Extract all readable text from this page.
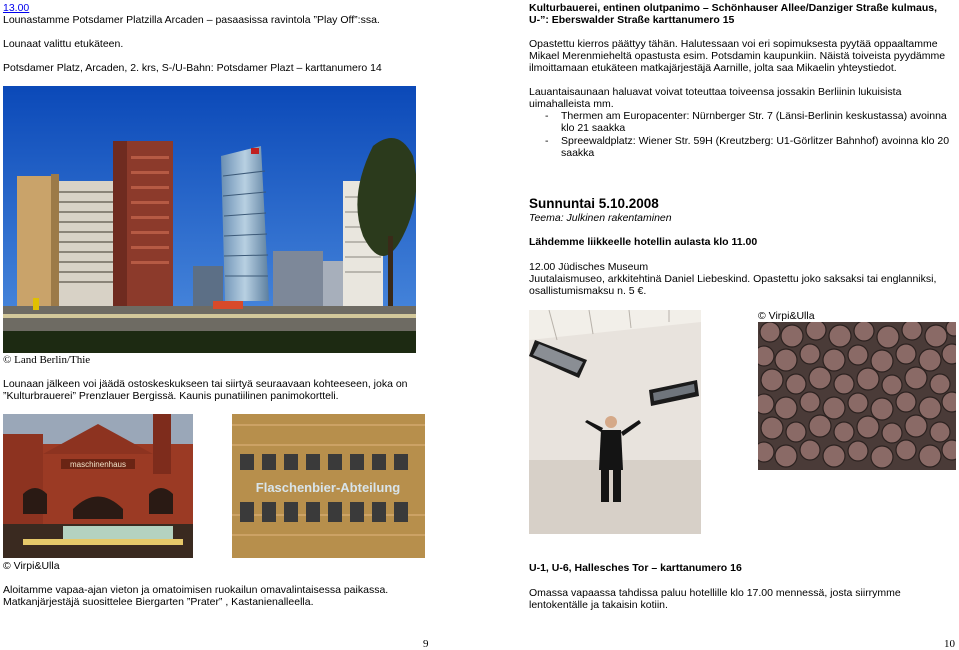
13.00
Lounastamme Potsdamer Platzilla Arcaden – pasaasissa ravintola ”Play Off”:ssa.
Lounaat valittu etukäteen.
Potsdamer Platz, Arcaden, 2. krs, S-/U-Bahn: Potsdamer Plazt – karttanumero 14
© Land Berlin/Thie
Lounaan jälkeen voi jäädä ostoskeskukseen tai siirtyä seuraavaan kohteeseen, joka on
”Kulturbrauerei” Prenzlauer Bergissä. Kaunis punatiilinen panimokortteli.
maschinenhaus
Flaschenbier-Abteilung
© Virpi&Ulla
Aloitamme vapaa-ajan vieton ja omatoimisen ruokailun omavalintaisessa paikassa.
Matkanjärjestäjä suosittelee Biergarten ”Prater” , Kastanienalleella.
9
Kulturbauerei, entinen olutpanimo – Schönhauser Allee/Danziger Straße kulmaus,
U-”: Eberswalder Straße karttanumero 15
Opastettu kierros päättyy tähän. Halutessaan voi eri sopimuksesta pyytää oppaaltamme
Mikael Merenmieheltä opastusta esim. Potsdamin kaupunkiin. Näistä toiveista pyydämme
ilmoittamaan etukäteen matkajärjestäjä Aarnille, jolta saa Mikaelin yhteystiedot.
Lauantaisaunaan haluavat voivat toteuttaa toiveensa jossakin Berliinin lukuisista
uimahalleista mm.
- Thermen am Europacenter: Nürnberger Str. 7 (Länsi-Berlinin keskustassa) avoinna
klo 21 saakka
- Spreewaldplatz: Wiener Str. 59H (Kreutzberg: U1-Görlitzer Bahnhof) avoinna klo 20
saakka
Sunnuntai 5.10.2008
Teema: Julkinen rakentaminen
Lähdemme liikkeelle hotellin aulasta klo 11.00
12.00 Jüdisches Museum
Juutalaismuseo, arkkitehtinä Daniel Liebeskind. Opastettu joko saksaksi tai englanniksi,
osallistumismaksu n. 5 €.
© Virpi&Ulla
U-1, U-6, Hallesches Tor – karttanumero 16
Omassa vapaassa tahdissa paluu hotellille klo 17.00 mennessä, josta siirrymme
lentokentälle ja takaisin kotiin.
10
